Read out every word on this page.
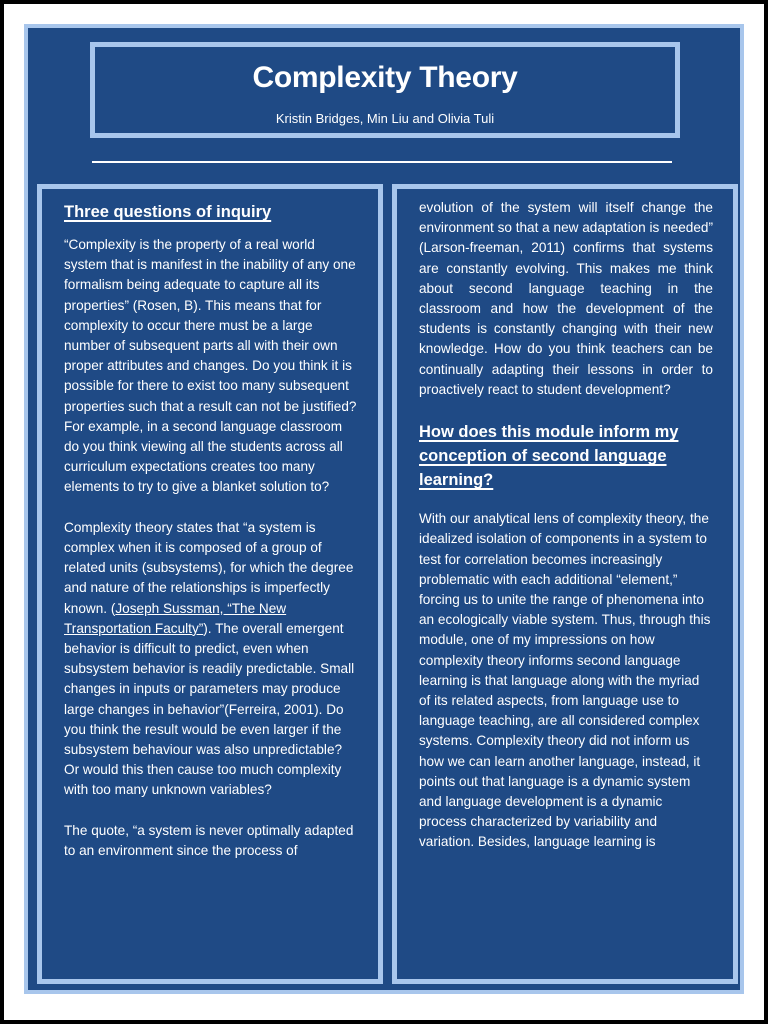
Complexity Theory
Kristin Bridges, Min Liu and Olivia Tuli
Three questions of inquiry

“Complexity is the property of a real world system that is manifest in the inability of any one formalism being adequate to capture all its properties” (Rosen, B). This means that for complexity to occur there must be a large number of subsequent parts all with their own proper attributes and changes. Do you think it is possible for there to exist too many subsequent properties such that a result can not be justified? For example, in a second language classroom do you think viewing all the students across all curriculum expectations creates too many elements to try to give a blanket solution to?

Complexity theory states that “a system is complex when it is composed of a group of related units (subsystems), for which the degree and nature of the relationships is imperfectly known. (Joseph Sussman, “The New Transportation Faculty”). The overall emergent behavior is difficult to predict, even when subsystem behavior is readily predictable. Small changes in inputs or parameters may produce large changes in behavior”(Ferreira, 2001). Do you think the result would be even larger if the subsystem behaviour was also unpredictable? Or would this then cause too much complexity with too many unknown variables?

The quote, “a system is never optimally adapted to an environment since the process of

evolution of the system will itself change the environment so that a new adaptation is needed” (Larson-freeman, 2011) confirms that systems are constantly evolving. This makes me think about second language teaching in the classroom and how the development of the students is constantly changing with their new knowledge. How do you think teachers can be continually adapting their lessons in order to proactively react to student development?

How does this module inform my conception of second language learning?

With our analytical lens of complexity theory, the idealized isolation of components in a system to test for correlation becomes increasingly problematic with each additional “element,” forcing us to unite the range of phenomena into an ecologically viable system. Thus, through this module, one of my impressions on how complexity theory informs second language learning is that language along with the myriad of its related aspects, from language use to language teaching, are all considered complex systems. Complexity theory did not inform us how we can learn another language, instead, it points out that language is a dynamic system and language development is a dynamic process characterized by variability and variation. Besides, language learning is
